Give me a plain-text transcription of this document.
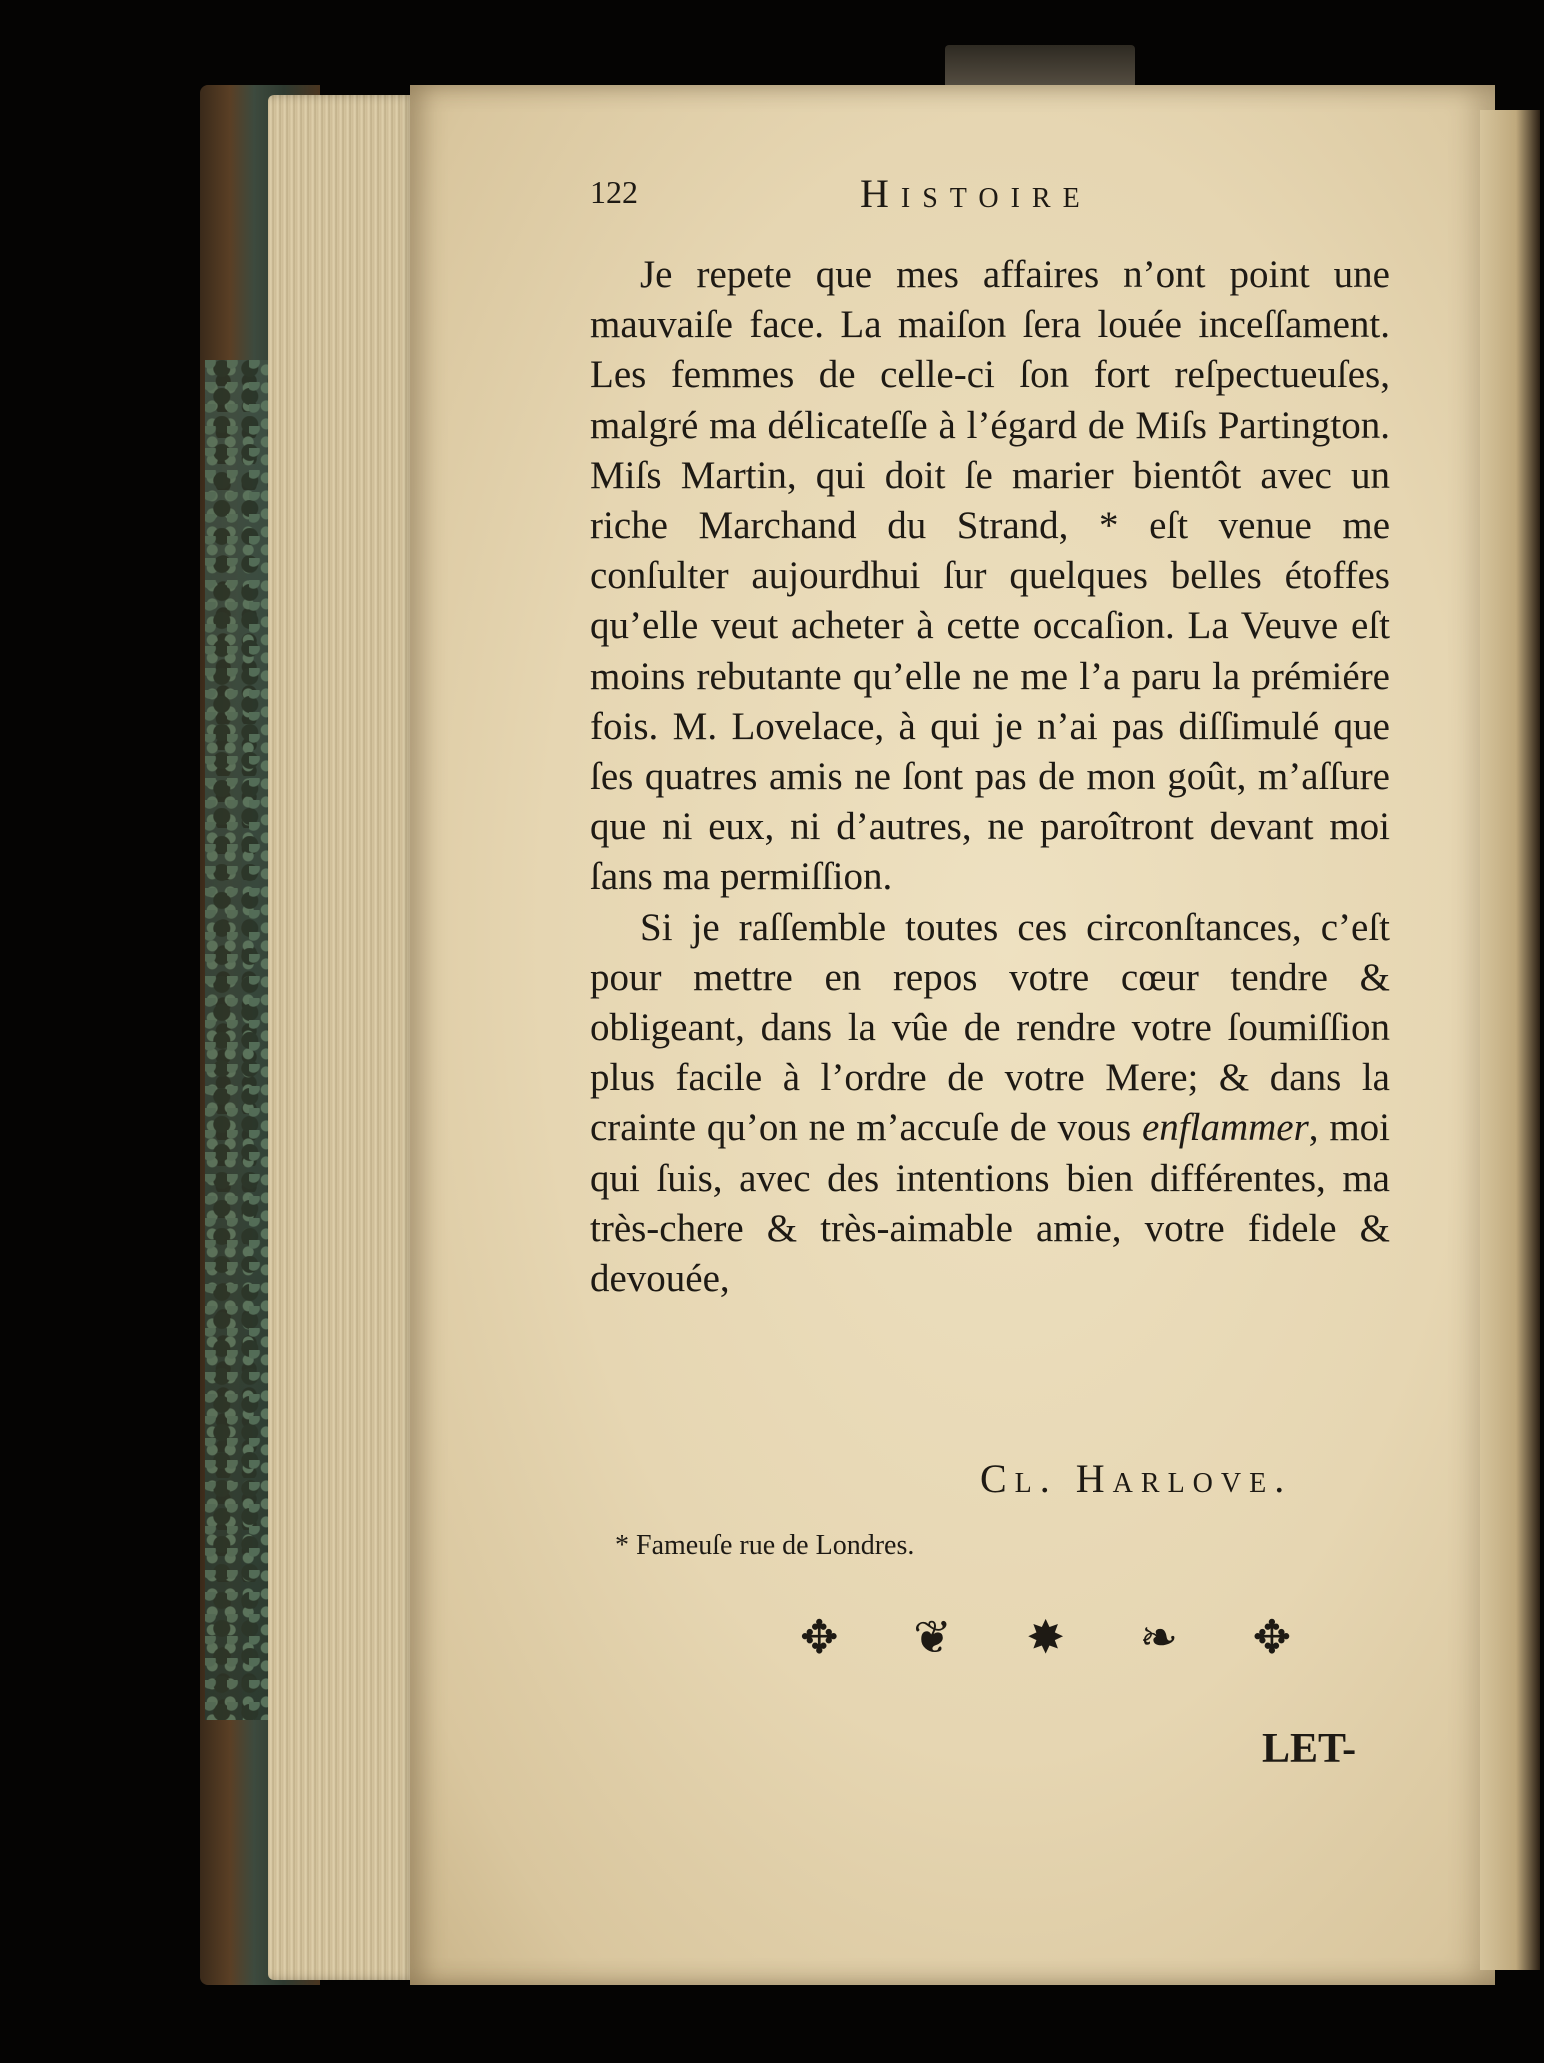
122	Histoire

Je repete que mes affaires n’ont point une mauvaiſe face. La maiſon ſera louée inceſſament. Les femmes de celle-ci ſon fort reſpectueuſes, malgré ma délicateſſe à l’égard de Miſs Partington. Miſs Martin, qui doit ſe marier bientôt avec un riche Marchand du Strand, * eſt venue me conſulter aujourdhui ſur quelques belles étoffes qu’elle veut acheter à cette occaſion. La Veuve eſt moins rebutante qu’elle ne me l’a paru la prémiére fois. M. Lovelace, à qui je n’ai pas diſſimulé que ſes quatres amis ne ſont pas de mon goût, m’aſſure que ni eux, ni d’autres, ne paroîtront devant moi ſans ma permiſſion.

Si je raſſemble toutes ces circonſtances, c’eſt pour mettre en repos votre cœur tendre & obligeant, dans la vûe de rendre votre ſoumiſſion plus facile à l’ordre de votre Mere; & dans la crainte qu’on ne m’accuſe de vous enflammer, moi qui ſuis, avec des intentions bien différentes, ma très-chere & très-aimable amie, votre fidele & devouée,

Cl. Harlove.
* Fameuſe rue de Londres.
✥ ❦ ✸ ❧ ✥
LET-
